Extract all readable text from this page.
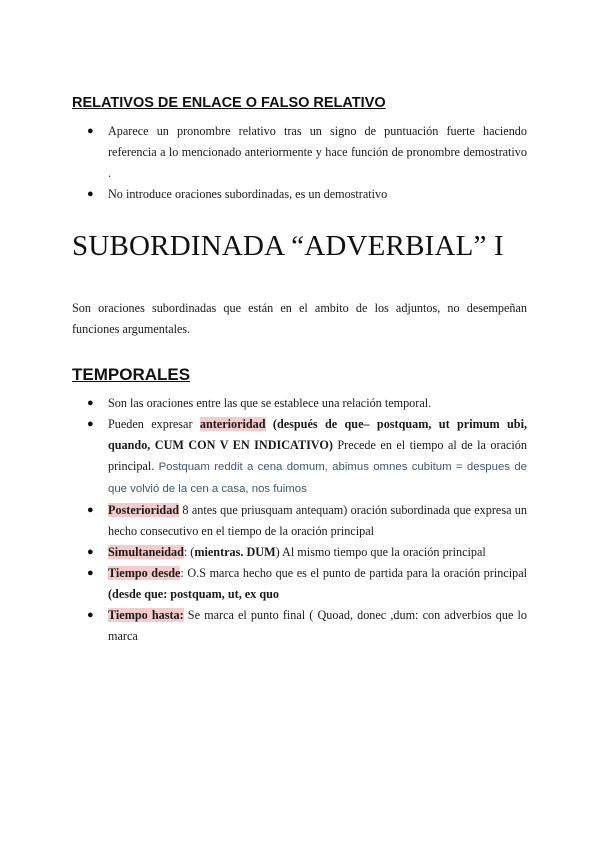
RELATIVOS DE ENLACE O FALSO RELATIVO
● Aparece un pronombre relativo tras un signo de puntuación fuerte haciendo referencia a lo mencionado anteriormente y hace función de pronombre demostrativo .
● No introduce oraciones subordinadas, es un demostrativo
SUBORDINADA “ADVERBIAL” I
Son oraciones subordinadas que están en el ambito de los adjuntos, no desempeñan funciones argumentales.
TEMPORALES
● Son las oraciones entre las que se establece una relación temporal.
● Pueden expresar anterioridad (después de que– postquam, ut primum ubi, quando, CUM CON V EN INDICATIVO) Precede en el tiempo al de la oración principal. Postquam reddit a cena domum, abimus omnes cubitum = despues de que volvió de la cen a casa, nos fuimos
● Posterioridad 8 antes que priusquam antequam) oración subordinada que expresa un hecho consecutivo en el tiempo de la oración principal
● Simultaneidad: (mientras. DUM) Al mismo tiempo que la oración principal
● Tiempo desde: O.S marca hecho que es el punto de partida para la oración principal (desde que: postquam, ut, ex quo
● Tiempo hasta: Se marca el punto final ( Quoad, donec ,dum: con adverbios que lo marca
